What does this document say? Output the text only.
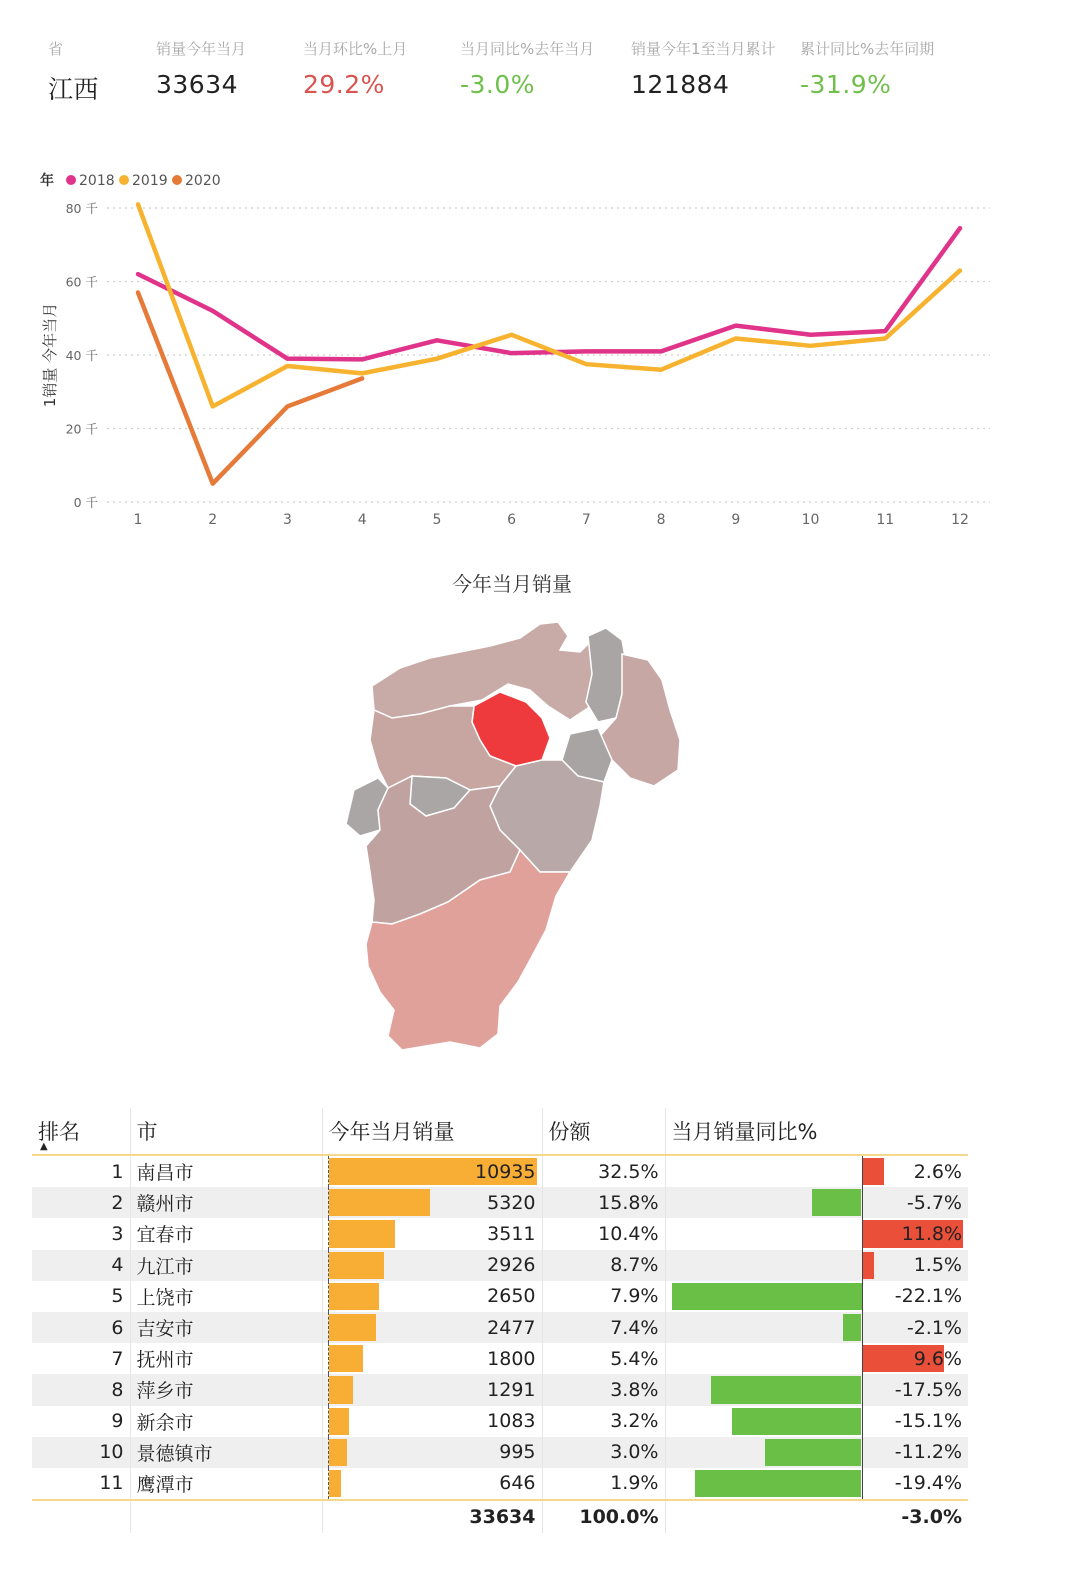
省
江西
销量今年当月
33634
当月环比%上月
29.2%
当月同比%去年当月
-3.0%
销量今年1至当月累计
121884
累计同比%去年同期
-31.9%
年 2018 2019 2020
0 千
20 千
40 千
60 千
80 千
1	2	3	4	5	6	7	8	9	10	11	12
1销量 今年当月
今年当月销量
排名
▲	市	今年当月销量	份额	当月销量同比%
1	南昌市	10935	32.5%	2.6%

2	赣州市	5320	15.8%	-5.7%

3	宜春市	3511	10.4%	11.8%

4	九江市	2926	8.7%	1.5%

5	上饶市	2650	7.9%	-22.1%

6	吉安市	2477	7.4%	-2.1%

7	抚州市	1800	5.4%	9.6%

8	萍乡市	1291	3.8%	-17.5%

9	新余市	1083	3.2%	-15.1%

10	景德镇市	995	3.0%	-11.2%

11	鹰潭市	646	1.9%	-19.4%

		33634	100.0%	-3.0%
